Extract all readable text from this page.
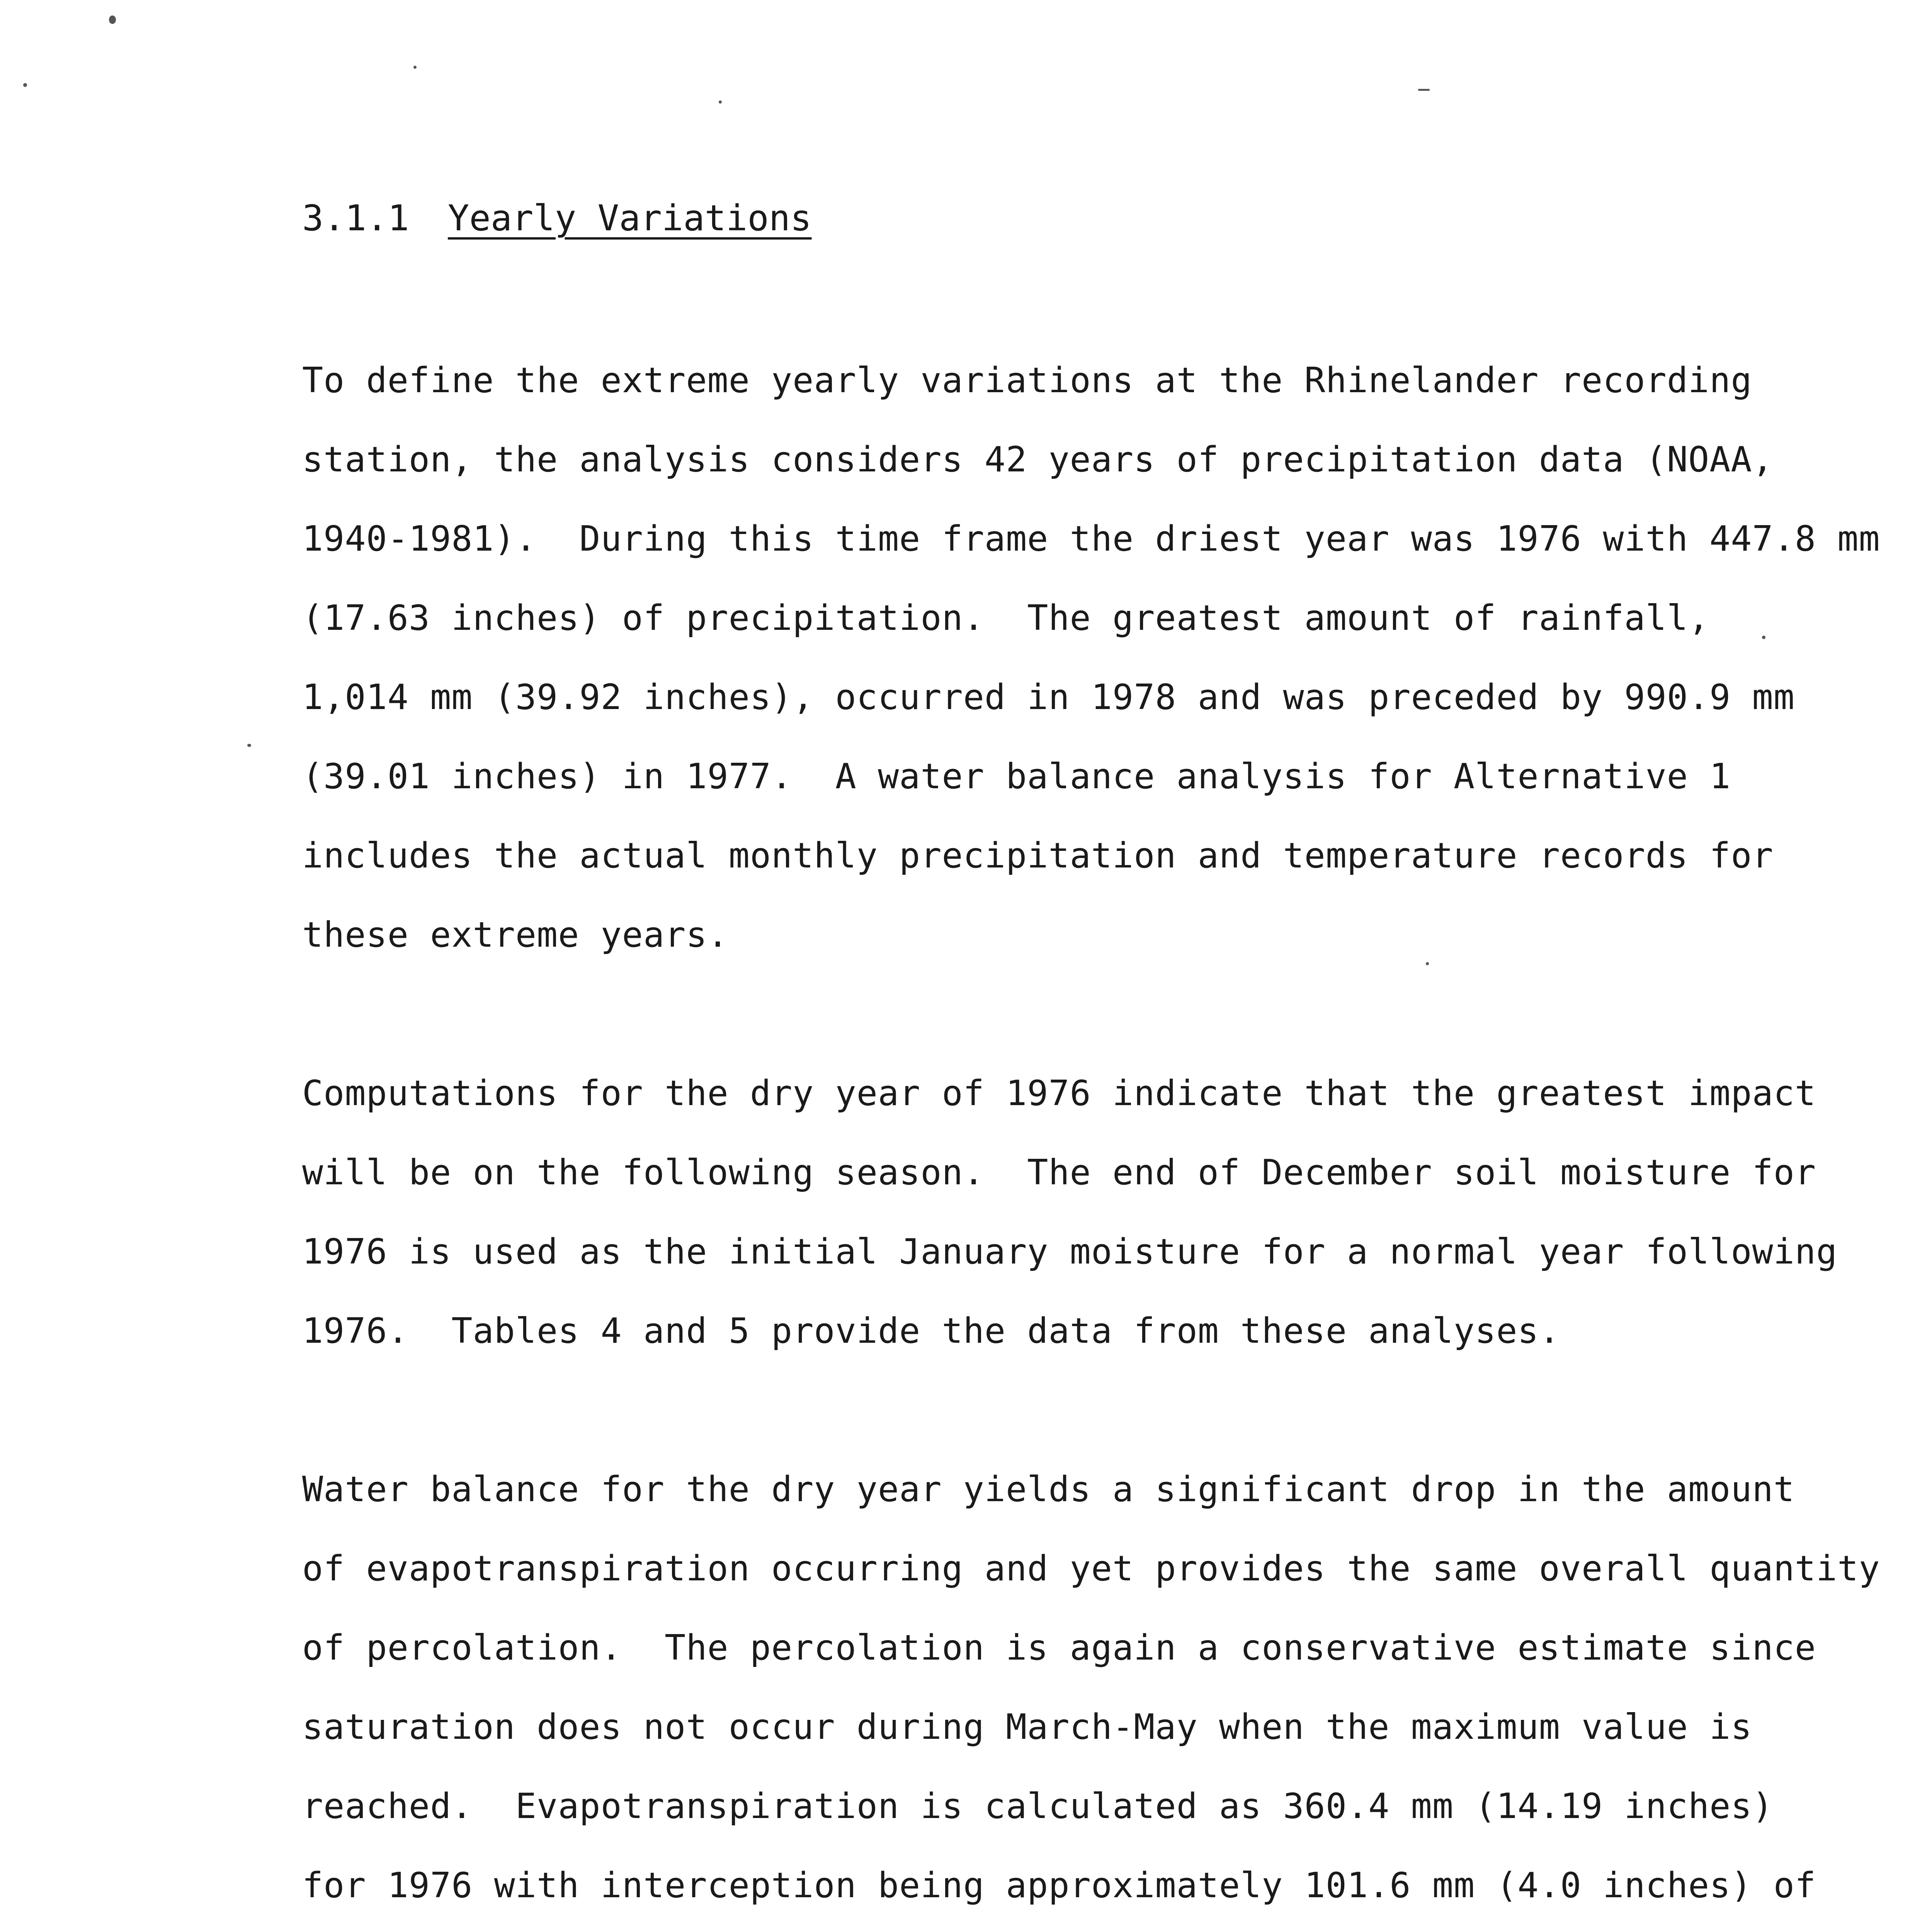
3.1.1 Yearly Variations
To define the extreme yearly variations at the Rhinelander recording
station, the analysis considers 42 years of precipitation data (NOAA,
1940-1981).  During this time frame the driest year was 1976 with 447.8 mm
(17.63 inches) of precipitation.  The greatest amount of rainfall,
1,014 mm (39.92 inches), occurred in 1978 and was preceded by 990.9 mm
(39.01 inches) in 1977.  A water balance analysis for Alternative 1
includes the actual monthly precipitation and temperature records for
these extreme years.
Computations for the dry year of 1976 indicate that the greatest impact
will be on the following season.  The end of December soil moisture for
1976 is used as the initial January moisture for a normal year following
1976.  Tables 4 and 5 provide the data from these analyses.
Water balance for the dry year yields a significant drop in the amount
of evapotranspiration occurring and yet provides the same overall quantity
of percolation.  The percolation is again a conservative estimate since
saturation does not occur during March-May when the maximum value is
reached.  Evapotranspiration is calculated as 360.4 mm (14.19 inches)
for 1976 with interception being approximately 101.6 mm (4.0 inches) of
